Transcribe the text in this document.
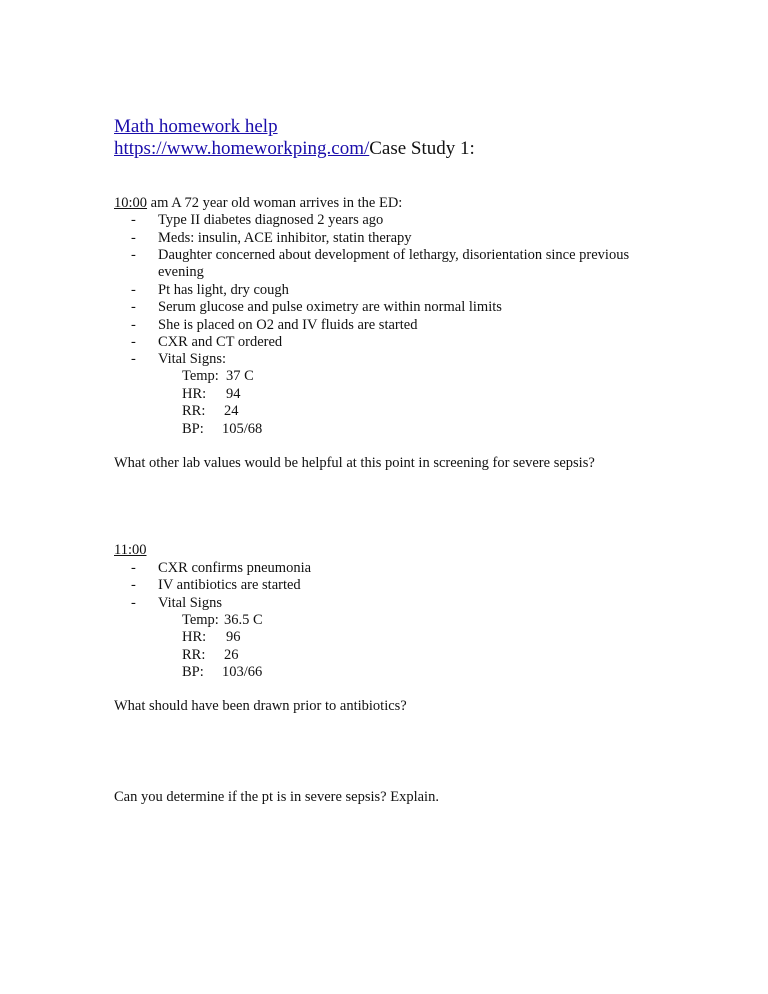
Math homework help
https://www.homeworkping.com/Case Study 1:
10:00 am A 72 year old woman arrives in the ED:
- Type II diabetes diagnosed 2 years ago
- Meds: insulin, ACE inhibitor, statin therapy
- Daughter concerned about development of lethargy, disorientation since previous
evening
- Pt has light, dry cough
- Serum glucose and pulse oximetry are within normal limits
- She is placed on O2 and IV fluids are started
- CXR and CT ordered
- Vital Signs:
Temp: 37 C
HR: 94
RR: 24
BP: 105/68
What other lab values would be helpful at this point in screening for severe sepsis?
11:00
- CXR confirms pneumonia
- IV antibiotics are started
- Vital Signs
Temp: 36.5 C
HR: 96
RR: 26
BP: 103/66
What should have been drawn prior to antibiotics?
Can you determine if the pt is in severe sepsis? Explain.
